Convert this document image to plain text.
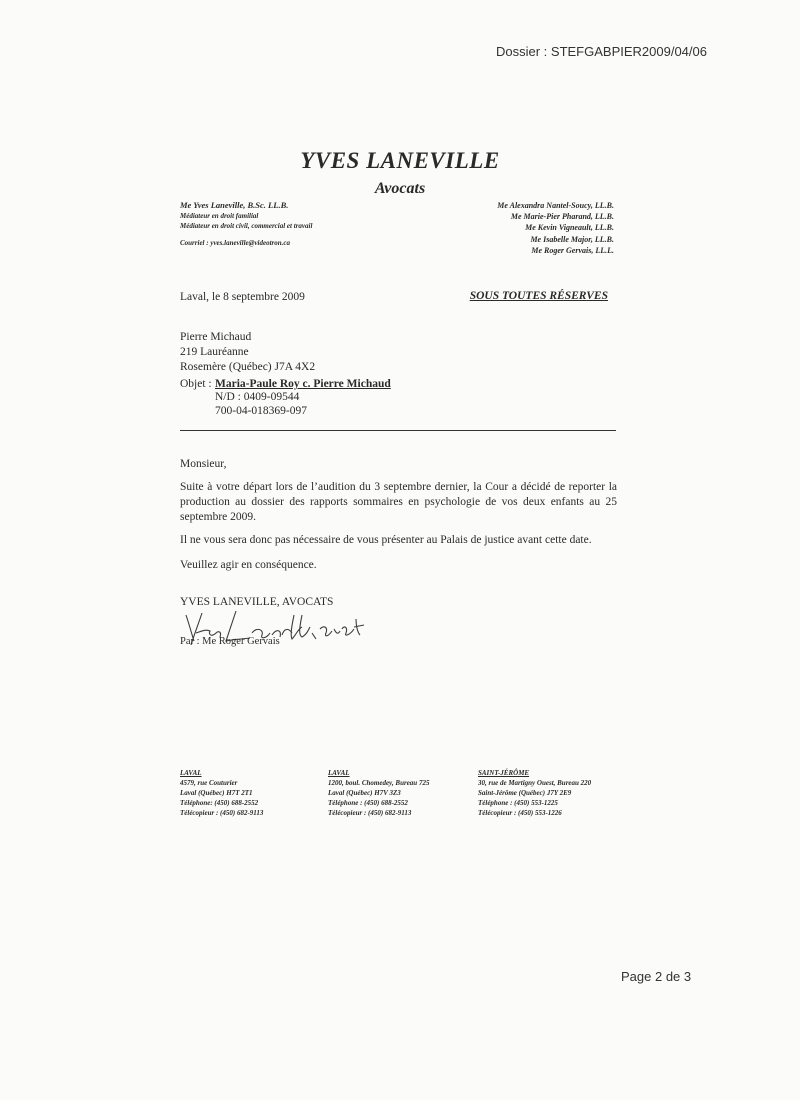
Dossier : STEFGABPIER2009/04/06
YVES LANEVILLE
Avocats
Me Yves Laneville, B.Sc. LL.B.
Médiateur en droit familial
Médiateur en droit civil, commercial et travail
Courriel : yves.laneville@videotron.ca
Me Alexandra Nantel-Soucy, LL.B.
Me Marie-Pier Pharand, LL.B.
Me Kevin Vigneault, LL.B.
Me Isabelle Major, LL.B.
Me Roger Gervais, LL.L.
Laval, le 8 septembre 2009	SOUS TOUTES RÉSERVES
Pierre Michaud
219 Lauréanne
Rosemère (Québec) J7A 4X2
Objet : Maria-Paule Roy c. Pierre Michaud
N/D : 0409-09544
700-04-018369-097
Monsieur,
Suite à votre départ lors de l’audition du 3 septembre dernier, la Cour a décidé de reporter la production au dossier des rapports sommaires en psychologie de vos deux enfants au 25 septembre 2009.
Il ne vous sera donc pas nécessaire de vous présenter au Palais de justice avant cette date.
Veuillez agir en conséquence.
YVES LANEVILLE, AVOCATS
Par : Me Roger Gervais
LAVAL
4579, rue Couturier
Laval (Québec) H7T 2T1
Téléphone: (450) 688-2552
Télécopieur : (450) 682-9113
LAVAL
1200, boul. Chomedey, Bureau 725
Laval (Québec) H7V 3Z3
Téléphone : (450) 688-2552
Télécopieur : (450) 682-9113
SAINT-JÉRÔME
30, rue de Martigny Ouest, Bureau 220
Saint-Jérôme (Québec) J7Y 2E9
Téléphone : (450) 553-1225
Télécopieur : (450) 553-1226
Page 2 de 3
